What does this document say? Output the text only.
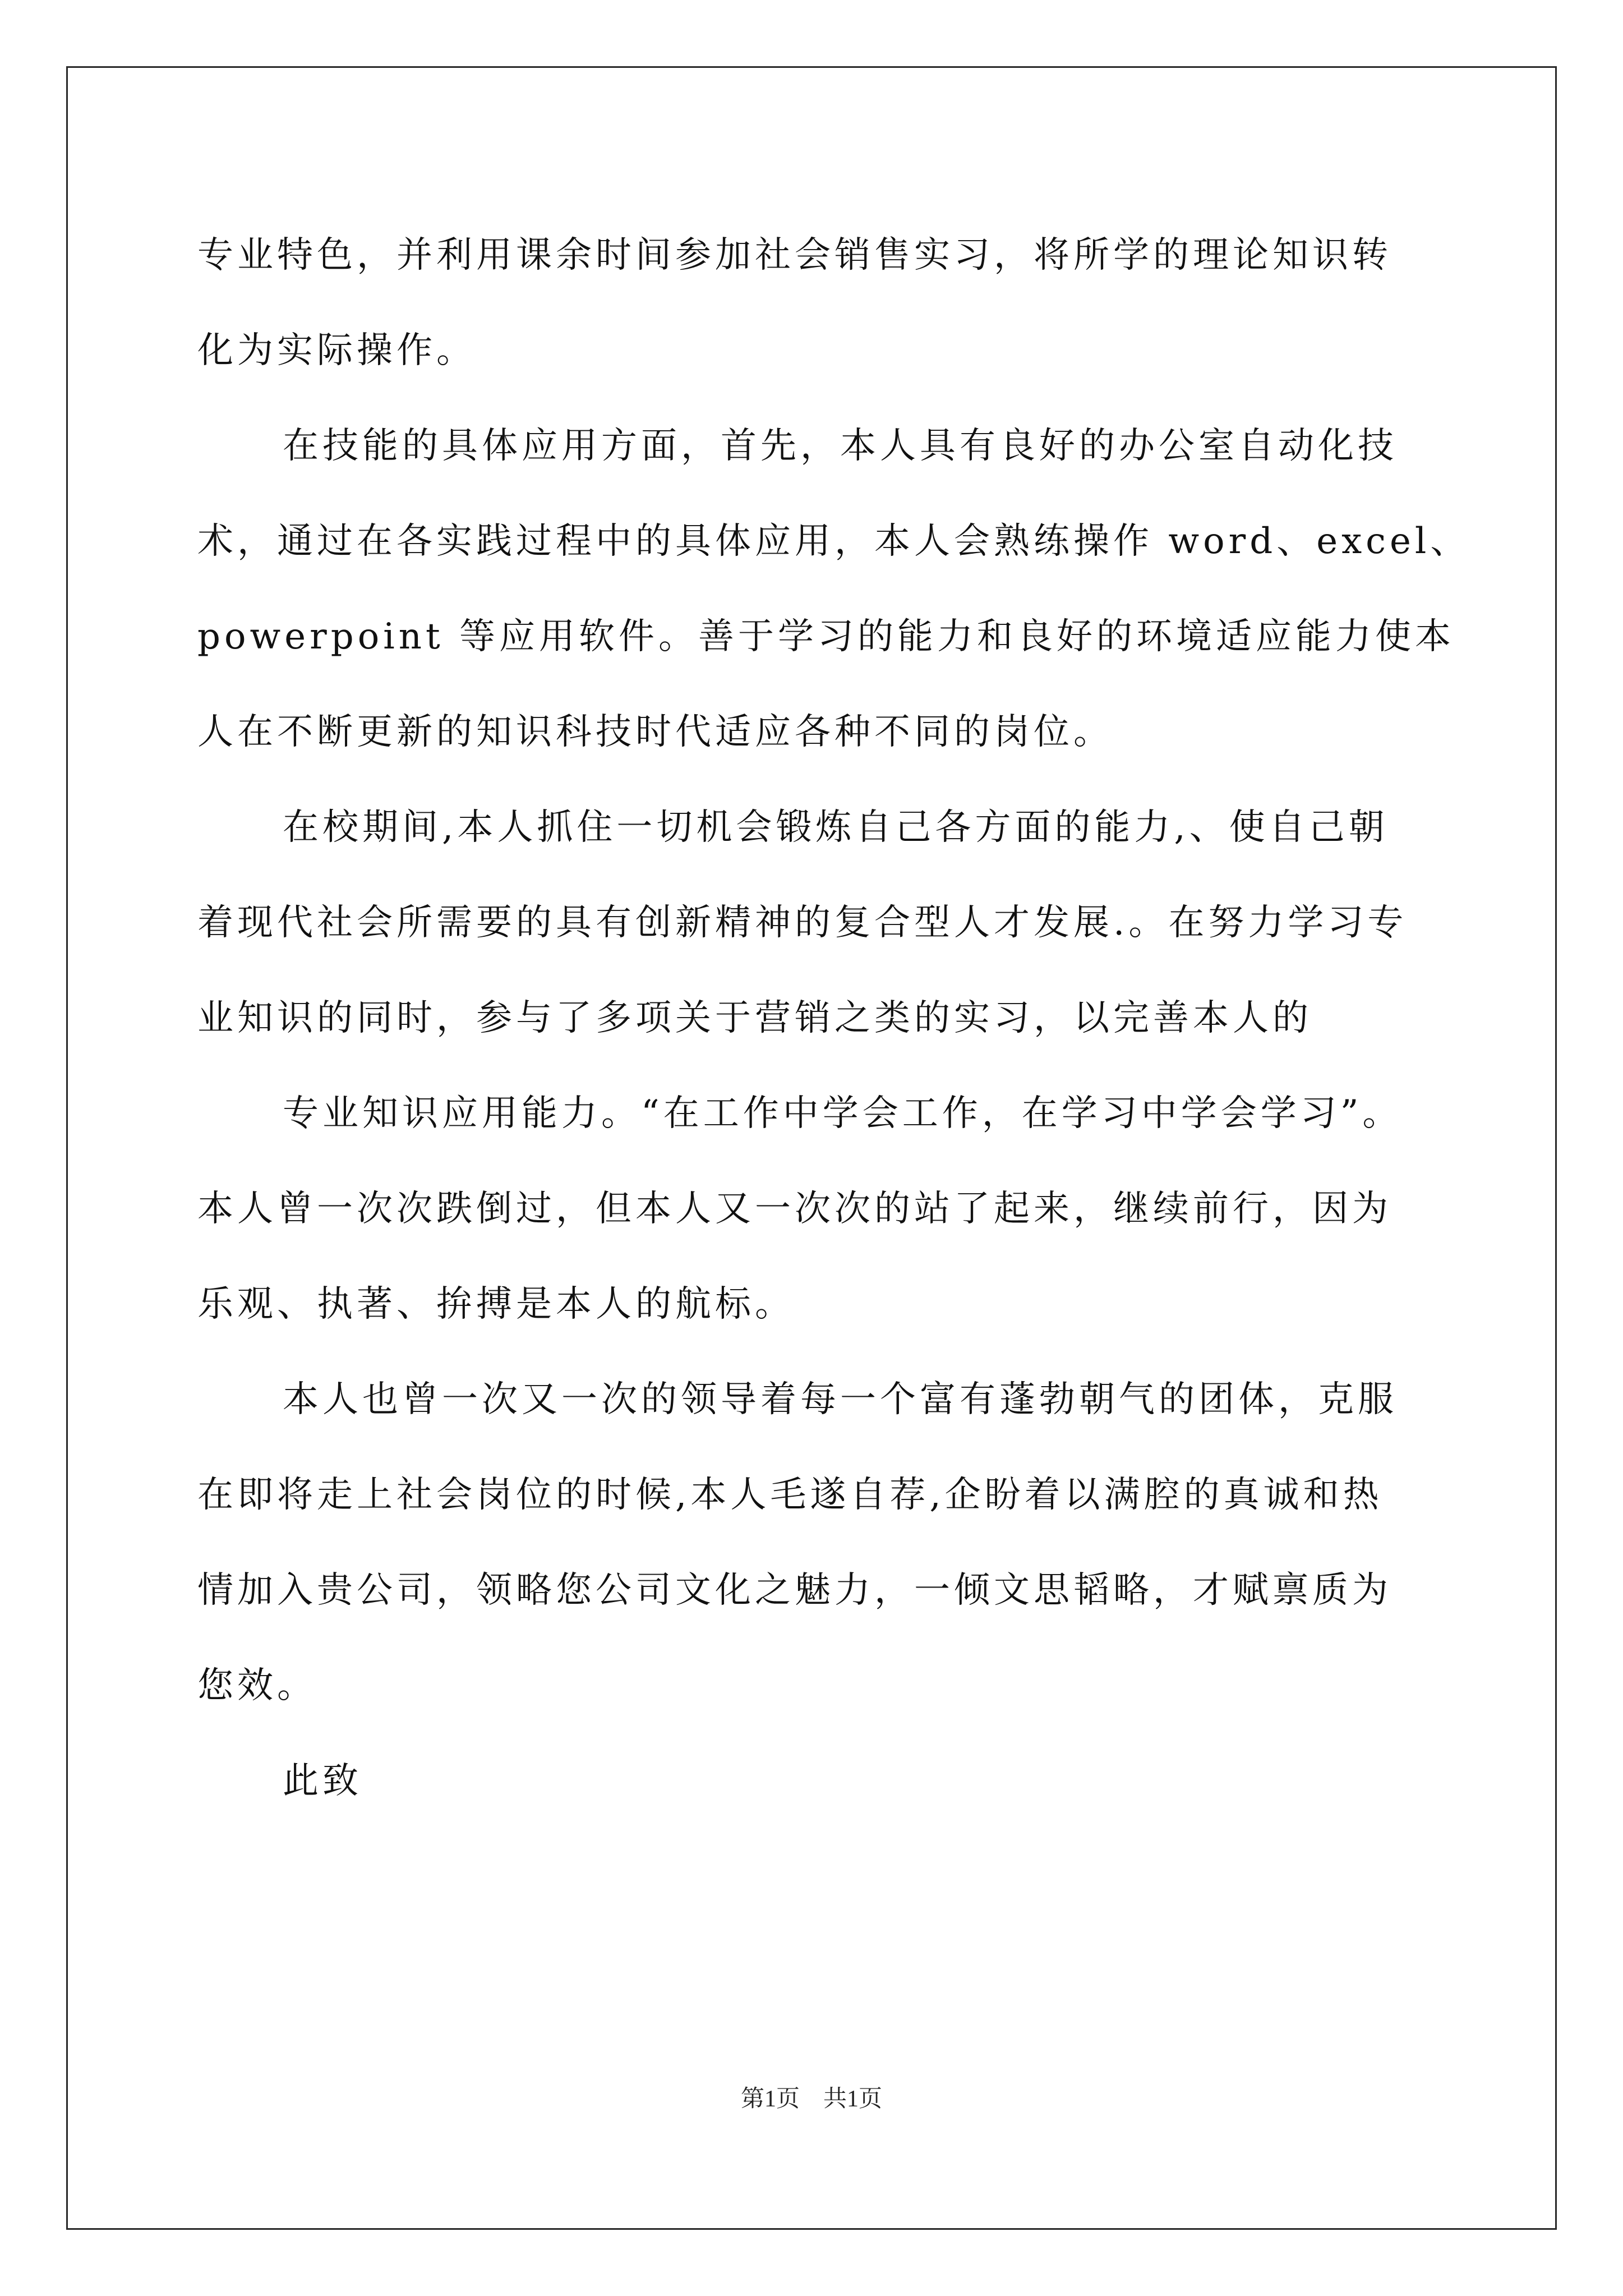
专业特色，并利用课余时间参加社会销售实习，将所学的理论知识转
化为实际操作。
在技能的具体应用方面，首先，本人具有良好的办公室自动化技
术，通过在各实践过程中的具体应用，本人会熟练操作 word、excel、
powerpoint 等应用软件。善于学习的能力和良好的环境适应能力使本
人在不断更新的知识科技时代适应各种不同的岗位。
在校期间,本人抓住一切机会锻炼自己各方面的能力,、使自己朝
着现代社会所需要的具有创新精神的复合型人才发展.。在努力学习专
业知识的同时，参与了多项关于营销之类的实习，以完善本人的
专业知识应用能力。“在工作中学会工作，在学习中学会学习”。
本人曾一次次跌倒过，但本人又一次次的站了起来，继续前行，因为
乐观、执著、拚搏是本人的航标。
本人也曾一次又一次的领导着每一个富有蓬勃朝气的团体，克服
在即将走上社会岗位的时候,本人毛遂自荐,企盼着以满腔的真诚和热
情加入贵公司，领略您公司文化之魅力，一倾文思韬略，才赋禀质为
您效。
此致
第1页　共1页
